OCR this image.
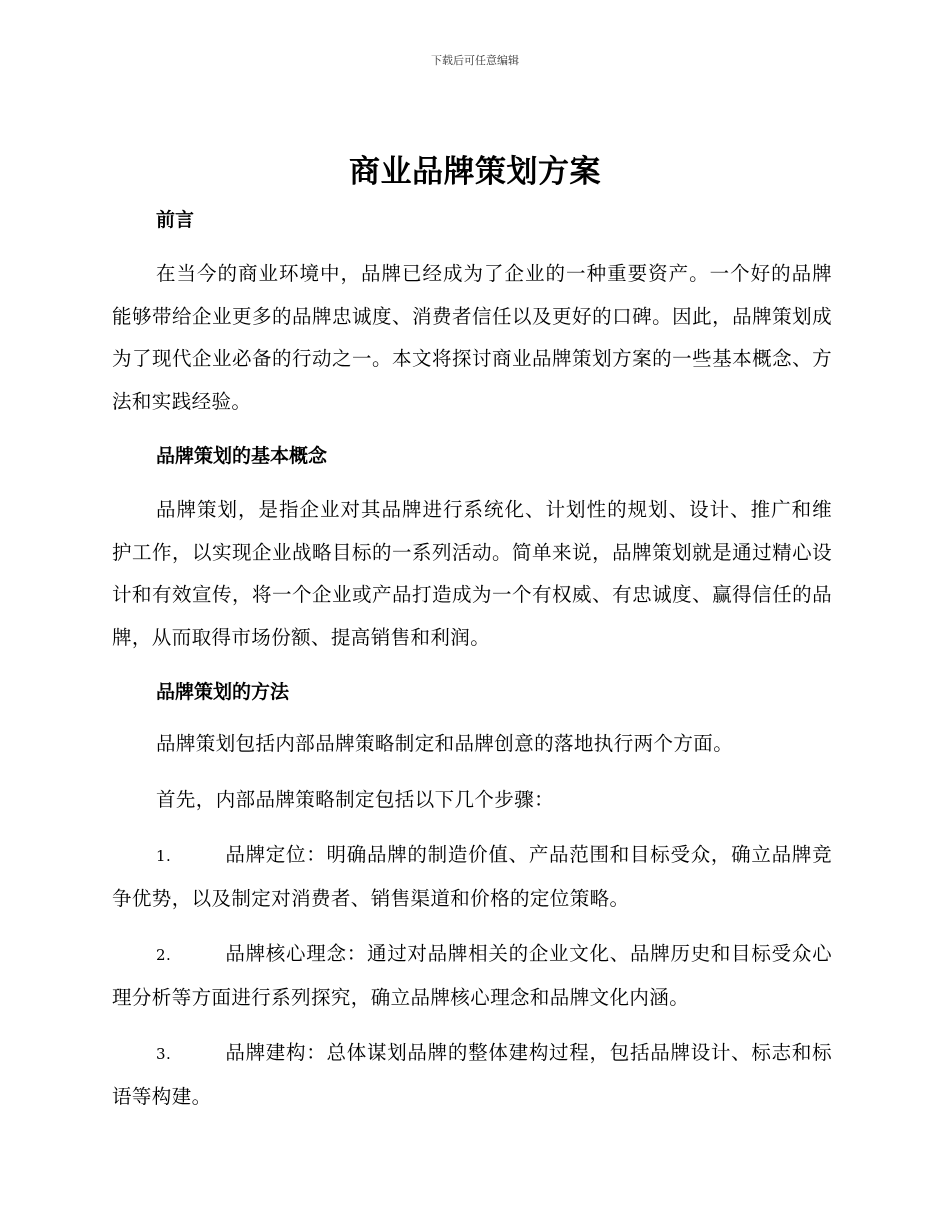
下载后可任意编辑
商业品牌策划方案
前言

在当今的商业环境中，品牌已经成为了企业的一种重要资产。一个好的品牌能够带给企业更多的品牌忠诚度、消费者信任以及更好的口碑。因此，品牌策划成为了现代企业必备的行动之一。本文将探讨商业品牌策划方案的一些基本概念、方法和实践经验。

品牌策划的基本概念

品牌策划，是指企业对其品牌进行系统化、计划性的规划、设计、推广和维护工作，以实现企业战略目标的一系列活动。简单来说，品牌策划就是通过精心设计和有效宣传，将一个企业或产品打造成为一个有权威、有忠诚度、赢得信任的品牌，从而取得市场份额、提高销售和利润。

品牌策划的方法

品牌策划包括内部品牌策略制定和品牌创意的落地执行两个方面。

首先，内部品牌策略制定包括以下几个步骤：

1.	品牌定位：明确品牌的制造价值、产品范围和目标受众，确立品牌竞争优势，以及制定对消费者、销售渠道和价格的定位策略。

2.	品牌核心理念：通过对品牌相关的企业文化、品牌历史和目标受众心理分析等方面进行系列探究，确立品牌核心理念和品牌文化内涵。

3.	品牌建构：总体谋划品牌的整体建构过程，包括品牌设计、标志和标语等构建。
